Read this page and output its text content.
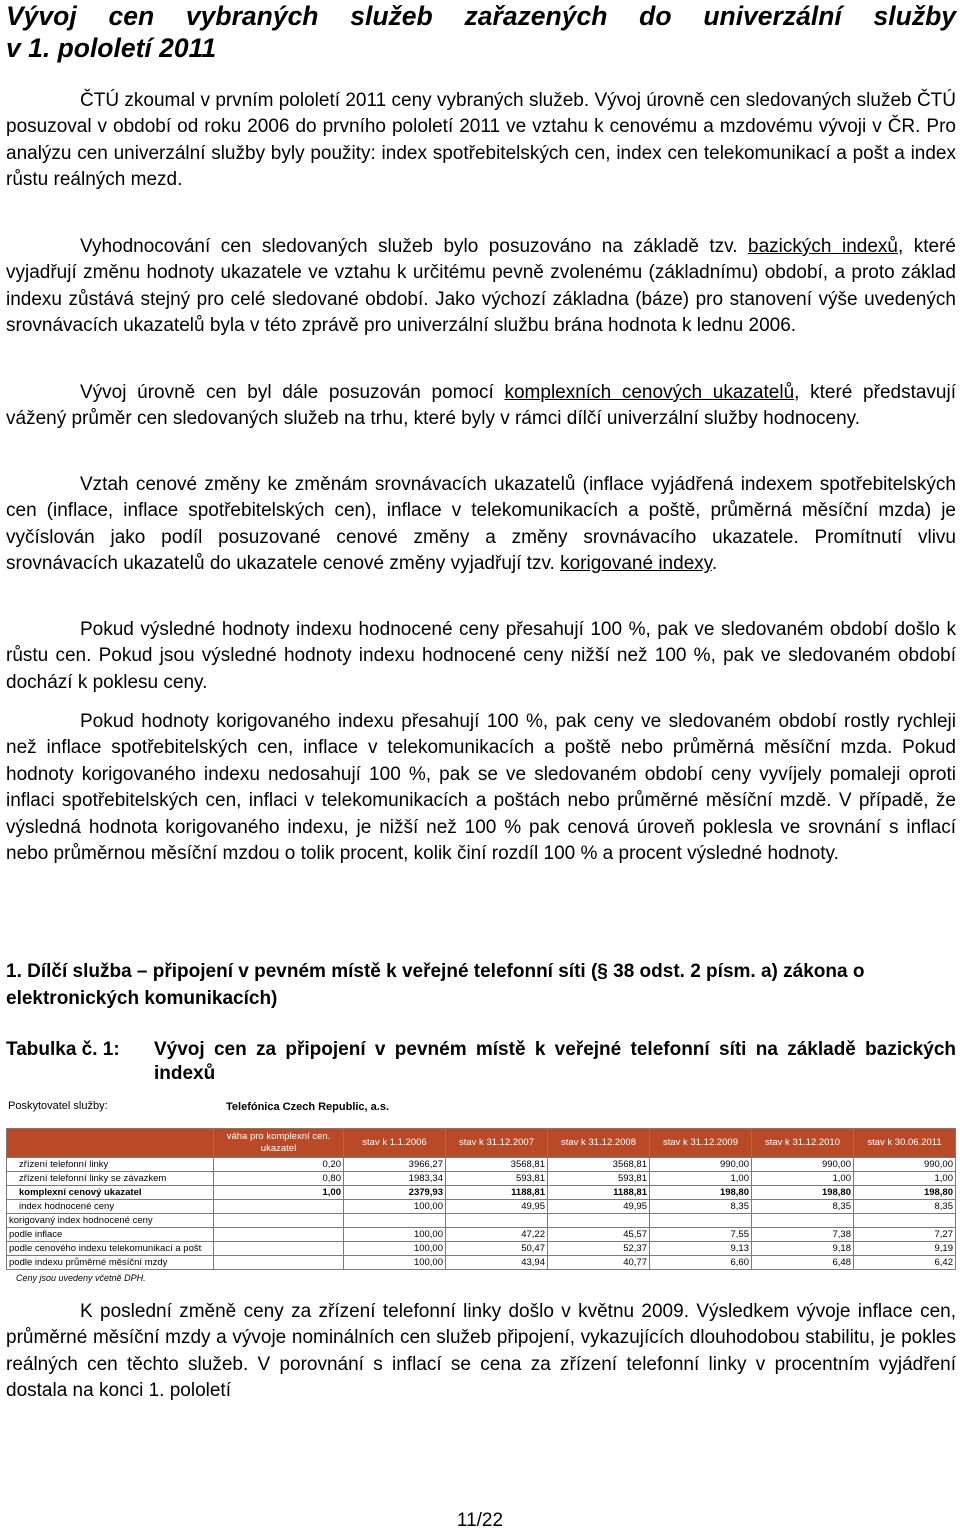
Vývoj cen vybraných služeb zařazených do univerzální služby
v 1. pololetí 2011

ČTÚ zkoumal v prvním pololetí 2011 ceny vybraných služeb. Vývoj úrovně cen sledovaných služeb ČTÚ posuzoval v období od roku 2006 do prvního pololetí 2011 ve vztahu k cenovému a mzdovému vývoji v ČR. Pro analýzu cen univerzální služby byly použity: index spotřebitelských cen, index cen telekomunikací a pošt a index růstu reálných mezd.

Vyhodnocování cen sledovaných služeb bylo posuzováno na základě tzv. bazických indexů, které vyjadřují změnu hodnoty ukazatele ve vztahu k určitému pevně zvolenému (základnímu) období, a proto základ indexu zůstává stejný pro celé sledované období. Jako výchozí základna (báze) pro stanovení výše uvedených srovnávacích ukazatelů byla v této zprávě pro univerzální službu brána hodnota k lednu 2006.

Vývoj úrovně cen byl dále posuzován pomocí komplexních cenových ukazatelů, které představují vážený průměr cen sledovaných služeb na trhu, které byly v rámci dílčí univerzální služby hodnoceny.

Vztah cenové změny ke změnám srovnávacích ukazatelů (inflace vyjádřená indexem spotřebitelských cen (inflace, inflace spotřebitelských cen), inflace v telekomunikacích a poště, průměrná měsíční mzda) je vyčíslován jako podíl posuzované cenové změny a změny srovnávacího ukazatele. Promítnutí vlivu srovnávacích ukazatelů do ukazatele cenové změny vyjadřují tzv. korigované indexy.

Pokud výsledné hodnoty indexu hodnocené ceny přesahují 100 %, pak ve sledovaném období došlo k růstu cen. Pokud jsou výsledné hodnoty indexu hodnocené ceny nižší než 100 %, pak ve sledovaném období dochází k poklesu ceny.

Pokud hodnoty korigovaného indexu přesahují 100 %, pak ceny ve sledovaném období rostly rychleji než inflace spotřebitelských cen, inflace v telekomunikacích a poště nebo průměrná měsíční mzda. Pokud hodnoty korigovaného indexu nedosahují 100 %, pak se ve sledovaném období ceny vyvíjely pomaleji oproti inflaci spotřebitelských cen, inflaci v telekomunikacích a poštách nebo průměrné měsíční mzdě. V případě, že výsledná hodnota korigovaného indexu, je nižší než 100 % pak cenová úroveň poklesla ve srovnání s inflací nebo průměrnou měsíční mzdou o tolik procent, kolik činí rozdíl 100 % a procent výsledné hodnoty.

1. Dílčí služba – připojení v pevném místě k veřejné telefonní síti (§ 38 odst. 2 písm. a) zákona o elektronických komunikacích)
Tabulka č. 1: Vývoj cen za připojení v pevném místě k veřejné telefonní síti na základě bazických indexů
Poskytovatel služby:	Telefónica Czech Republic, a.s.
	váha pro komplexní cen. ukazatel	stav k 1.1.2006	stav k 31.12.2007	stav k 31.12.2008	stav k 31.12.2009	stav k 31.12.2010	stav k 30.06.2011
zřízení telefonní linky	0,20	3966,27	3568,81	3568,81	990,00	990,00	990,00
zřízení telefonní linky se závazkem	0,80	1983,34	593,81	593,81	1,00	1,00	1,00
komplexní cenový ukazatel	1,00	2379,93	1188,81	1188,81	198,80	198,80	198,80
index hodnocené ceny		100,00	49,95	49,95	8,35	8,35	8,35
korigovaný index hodnocené ceny							
podle inflace		100,00	47,22	45,57	7,55	7,38	7,27
podle cenového indexu telekomunikací a pošt		100,00	50,47	52,37	9,13	9,18	9,19
podle indexu průměrné měsíční mzdy		100,00	43,94	40,77	6,60	6,48	6,42
Ceny jsou uvedeny včetně DPH.

K poslední změně ceny za zřízení telefonní linky došlo v květnu 2009. Výsledkem vývoje inflace cen, průměrné měsíční mzdy a vývoje nominálních cen služeb připojení, vykazujících dlouhodobou stabilitu, je pokles reálných cen těchto služeb. V porovnání s inflací se cena za zřízení telefonní linky v procentním vyjádření dostala na konci 1. pololetí

11/22
